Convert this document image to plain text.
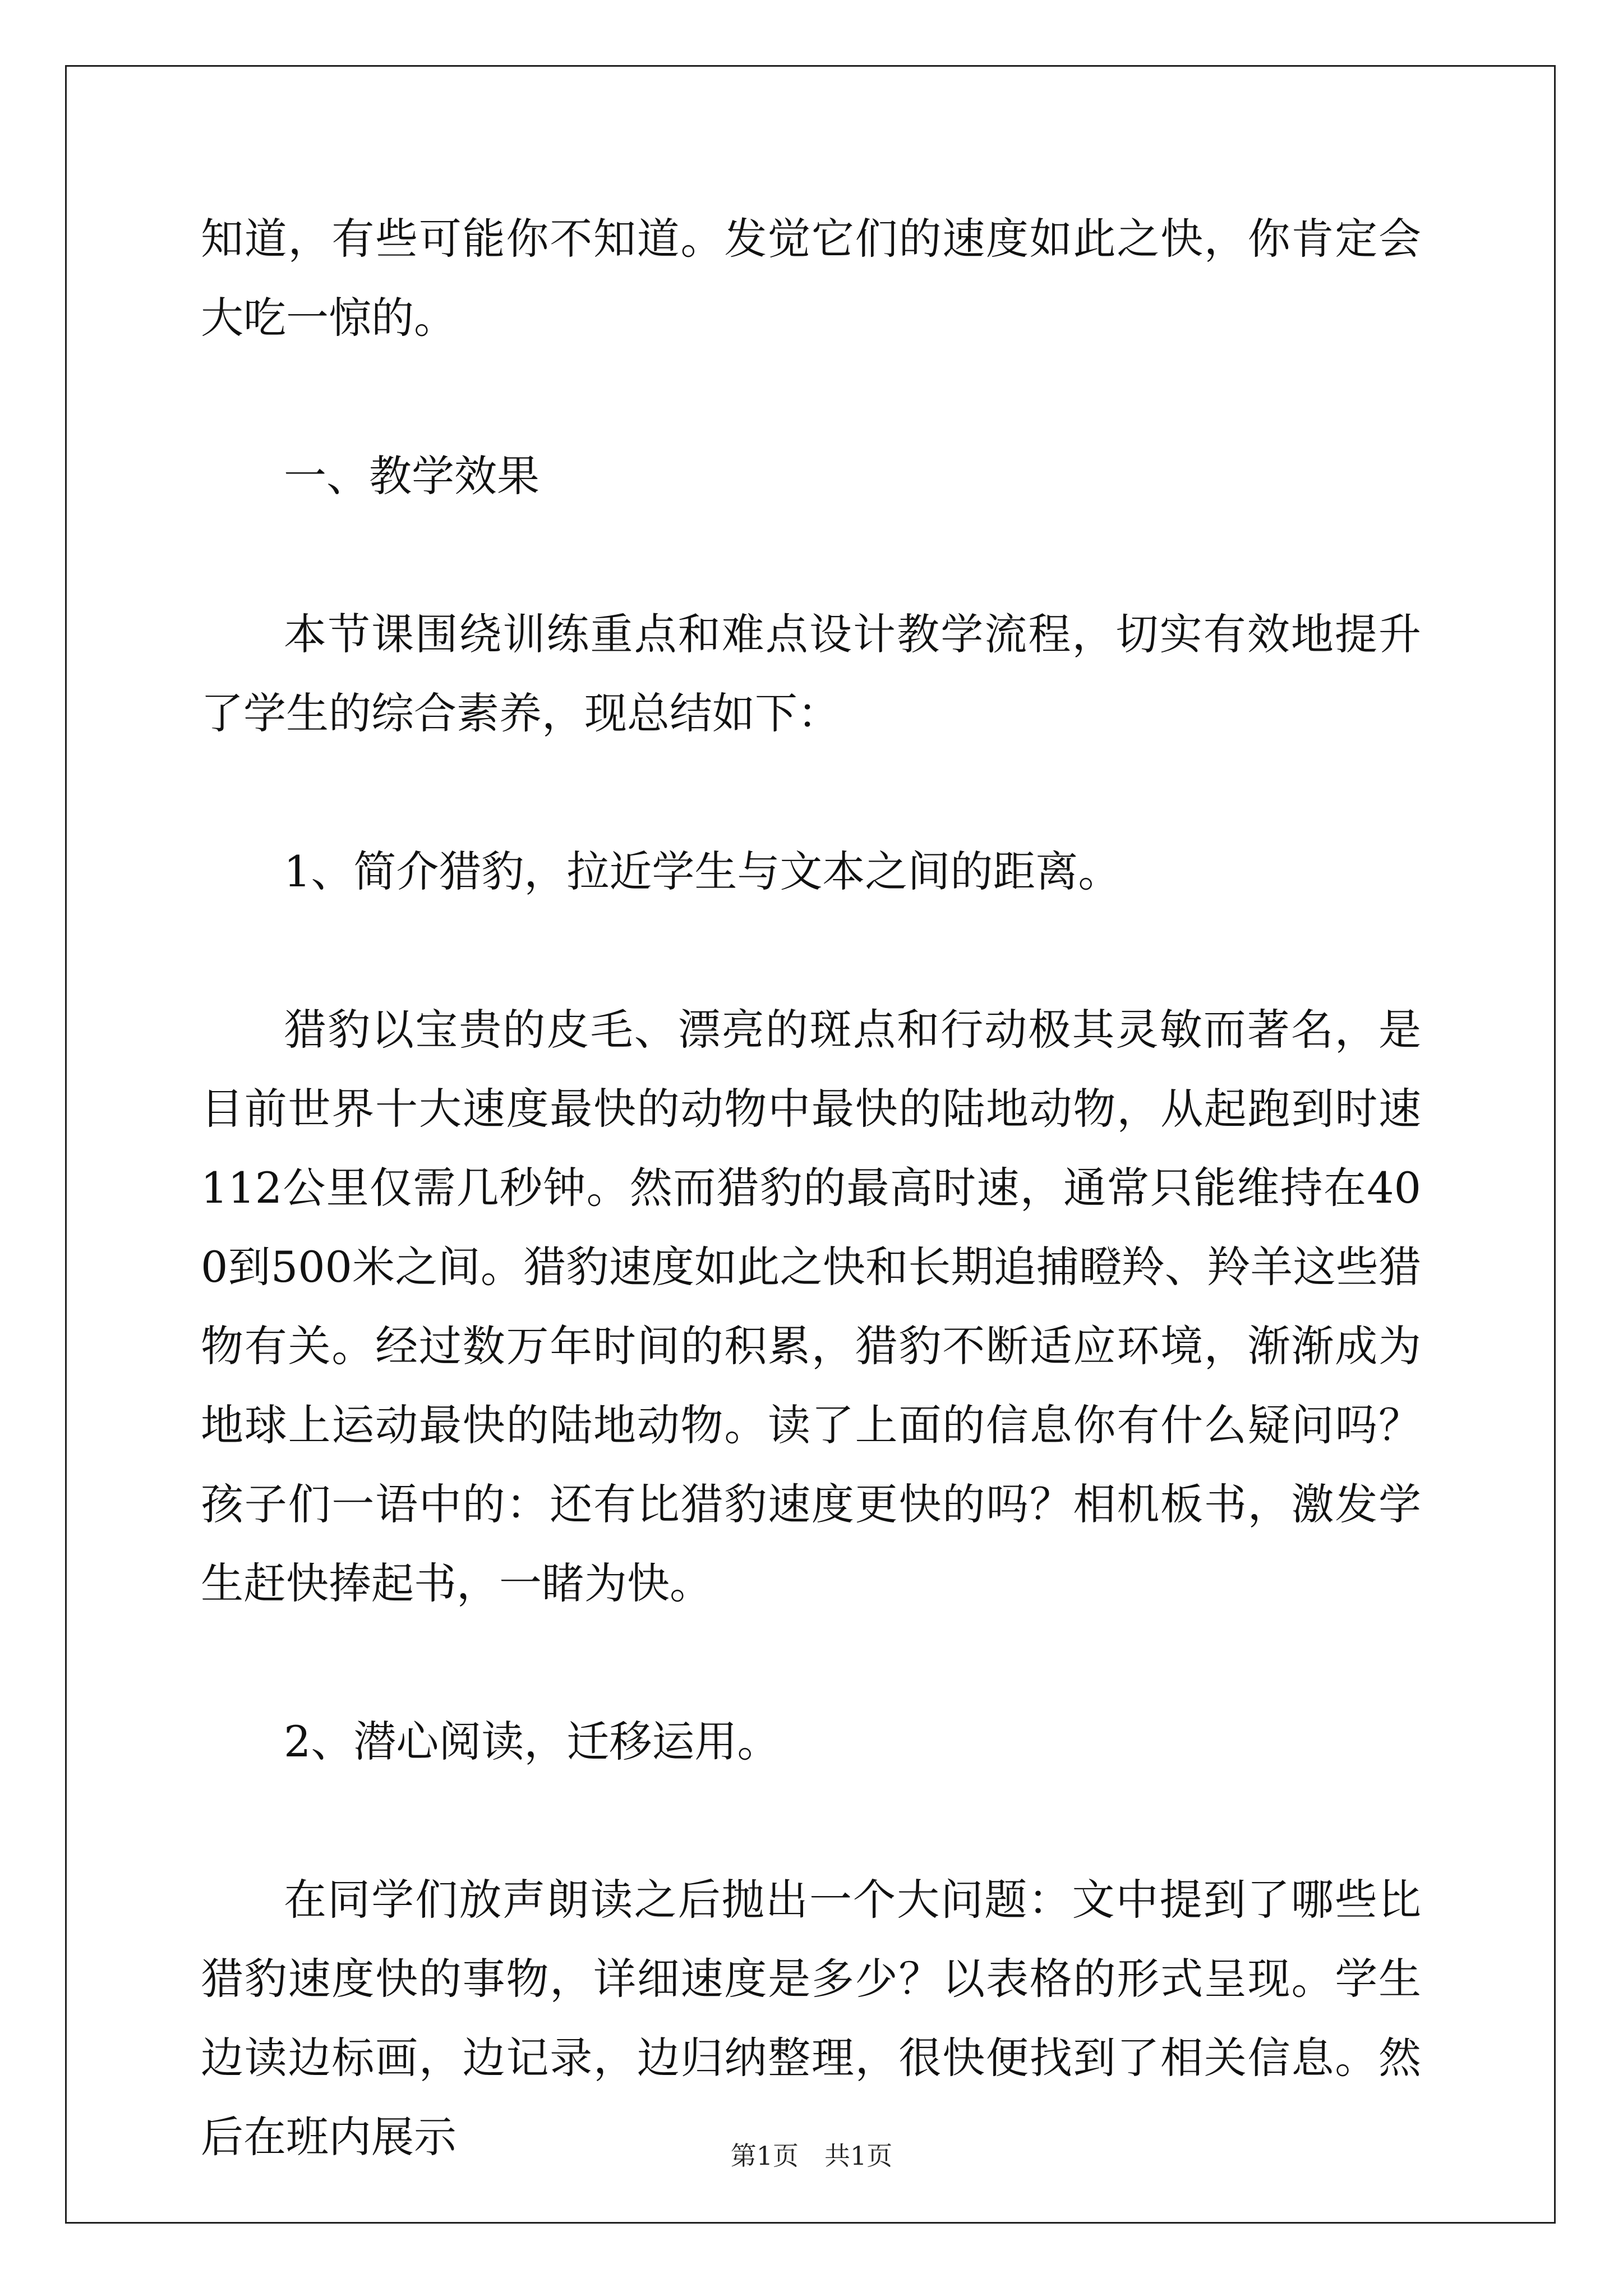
知道，有些可能你不知道。发觉它们的速度如此之快，你肯定会大吃一惊的。

一、教学效果

本节课围绕训练重点和难点设计教学流程，切实有效地提升了学生的综合素养，现总结如下：

1、简介猎豹，拉近学生与文本之间的距离。

猎豹以宝贵的皮毛、漂亮的斑点和行动极其灵敏而著名，是目前世界十大速度最快的动物中最快的陆地动物，从起跑到时速112公里仅需几秒钟。然而猎豹的最高时速，通常只能维持在400到500米之间。猎豹速度如此之快和长期追捕瞪羚、羚羊这些猎物有关。经过数万年时间的积累，猎豹不断适应环境，渐渐成为地球上运动最快的陆地动物。读了上面的信息你有什么疑问吗？孩子们一语中的：还有比猎豹速度更快的吗？相机板书，激发学生赶快捧起书，一睹为快。

2、潜心阅读，迁移运用。

在同学们放声朗读之后抛出一个大问题：文中提到了哪些比猎豹速度快的事物，详细速度是多少？以表格的形式呈现。学生边读边标画，边记录，边归纳整理，很快便找到了相关信息。然后在班内展示	第1页 共1页
